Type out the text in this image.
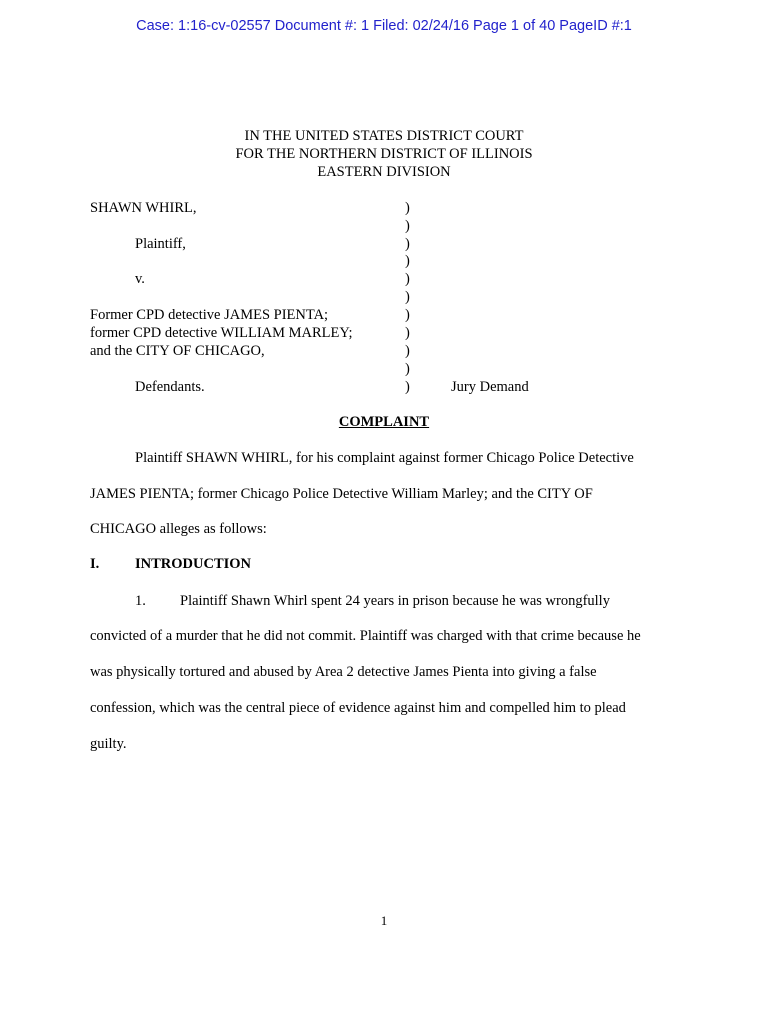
Case: 1:16-cv-02557 Document #: 1 Filed: 02/24/16 Page 1 of 40 PageID #:1
IN THE UNITED STATES DISTRICT COURT
FOR THE NORTHERN DISTRICT OF ILLINOIS
EASTERN DIVISION
SHAWN WHIRL,
Plaintiff,
v.
Former CPD detective JAMES PIENTA;
former CPD detective WILLIAM MARLEY;
and the CITY OF CHICAGO,
Defendants.
)
)
)
)
)
)
)
)
)
)
)	Jury Demand
COMPLAINT
Plaintiff SHAWN WHIRL, for his complaint against former Chicago Police Detective
JAMES PIENTA; former Chicago Police Detective William Marley; and the CITY OF
CHICAGO alleges as follows:
I. INTRODUCTION
1. Plaintiff Shawn Whirl spent 24 years in prison because he was wrongfully
convicted of a murder that he did not commit. Plaintiff was charged with that crime because he
was physically tortured and abused by Area 2 detective James Pienta into giving a false
confession, which was the central piece of evidence against him and compelled him to plead
guilty.
1
